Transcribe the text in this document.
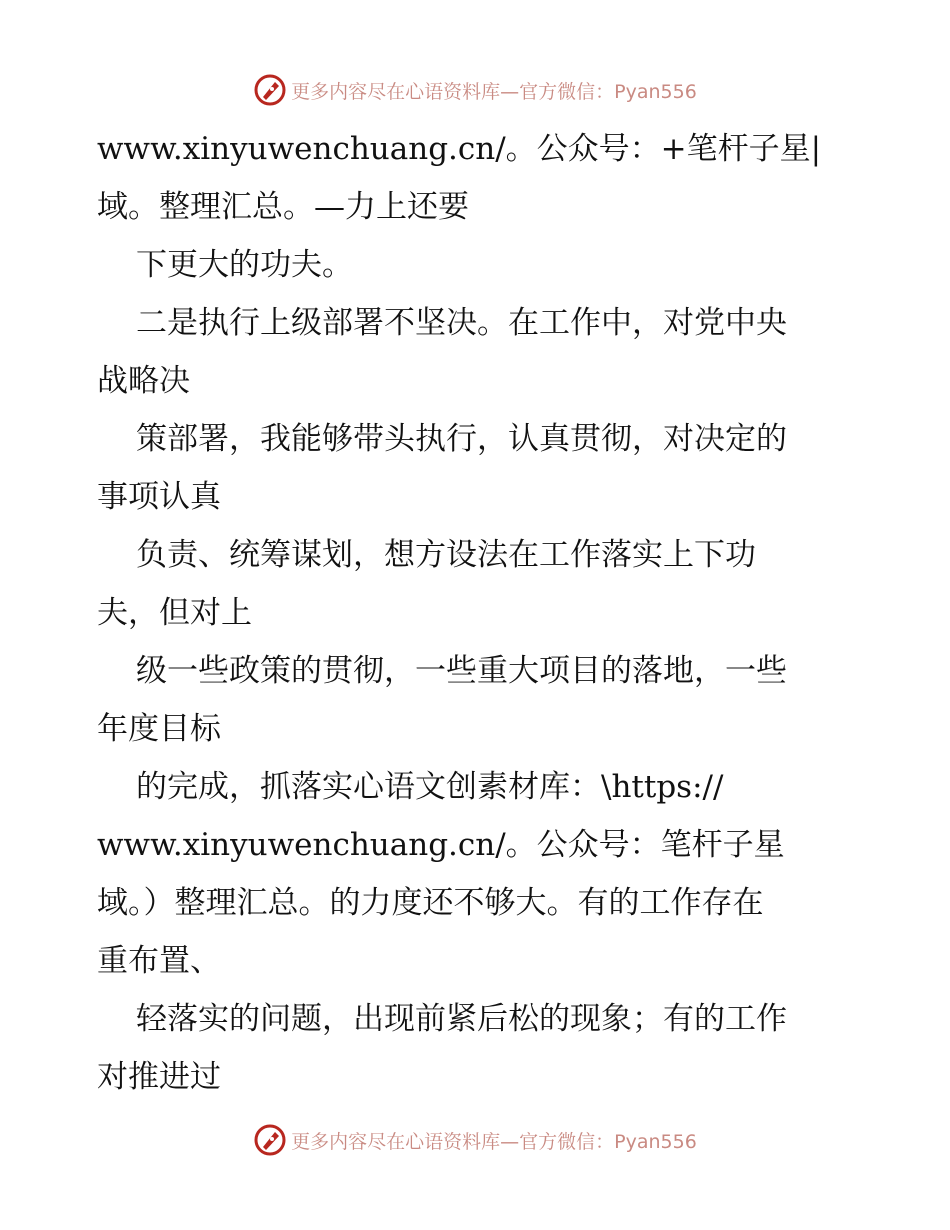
更多内容尽在心语资料库—官方微信：Pyan556
www.xinyuwenchuang.cn/。公众号：+笔杆子星|
域。整理汇总。—力上还要
下更大的功夫。
二是执行上级部署不坚决。在工作中，对党中央
战略决
策部署，我能够带头执行，认真贯彻，对决定的
事项认真
负责、统筹谋划，想方设法在工作落实上下功
夫，但对上
级一些政策的贯彻，一些重大项目的落地，一些
年度目标
的完成，抓落实心语文创素材库：\https://
www.xinyuwenchuang.cn/。公众号：笔杆子星
域。）整理汇总。的力度还不够大。有的工作存在
重布置、
轻落实的问题，出现前紧后松的现象；有的工作
对推进过
更多内容尽在心语资料库—官方微信：Pyan556
